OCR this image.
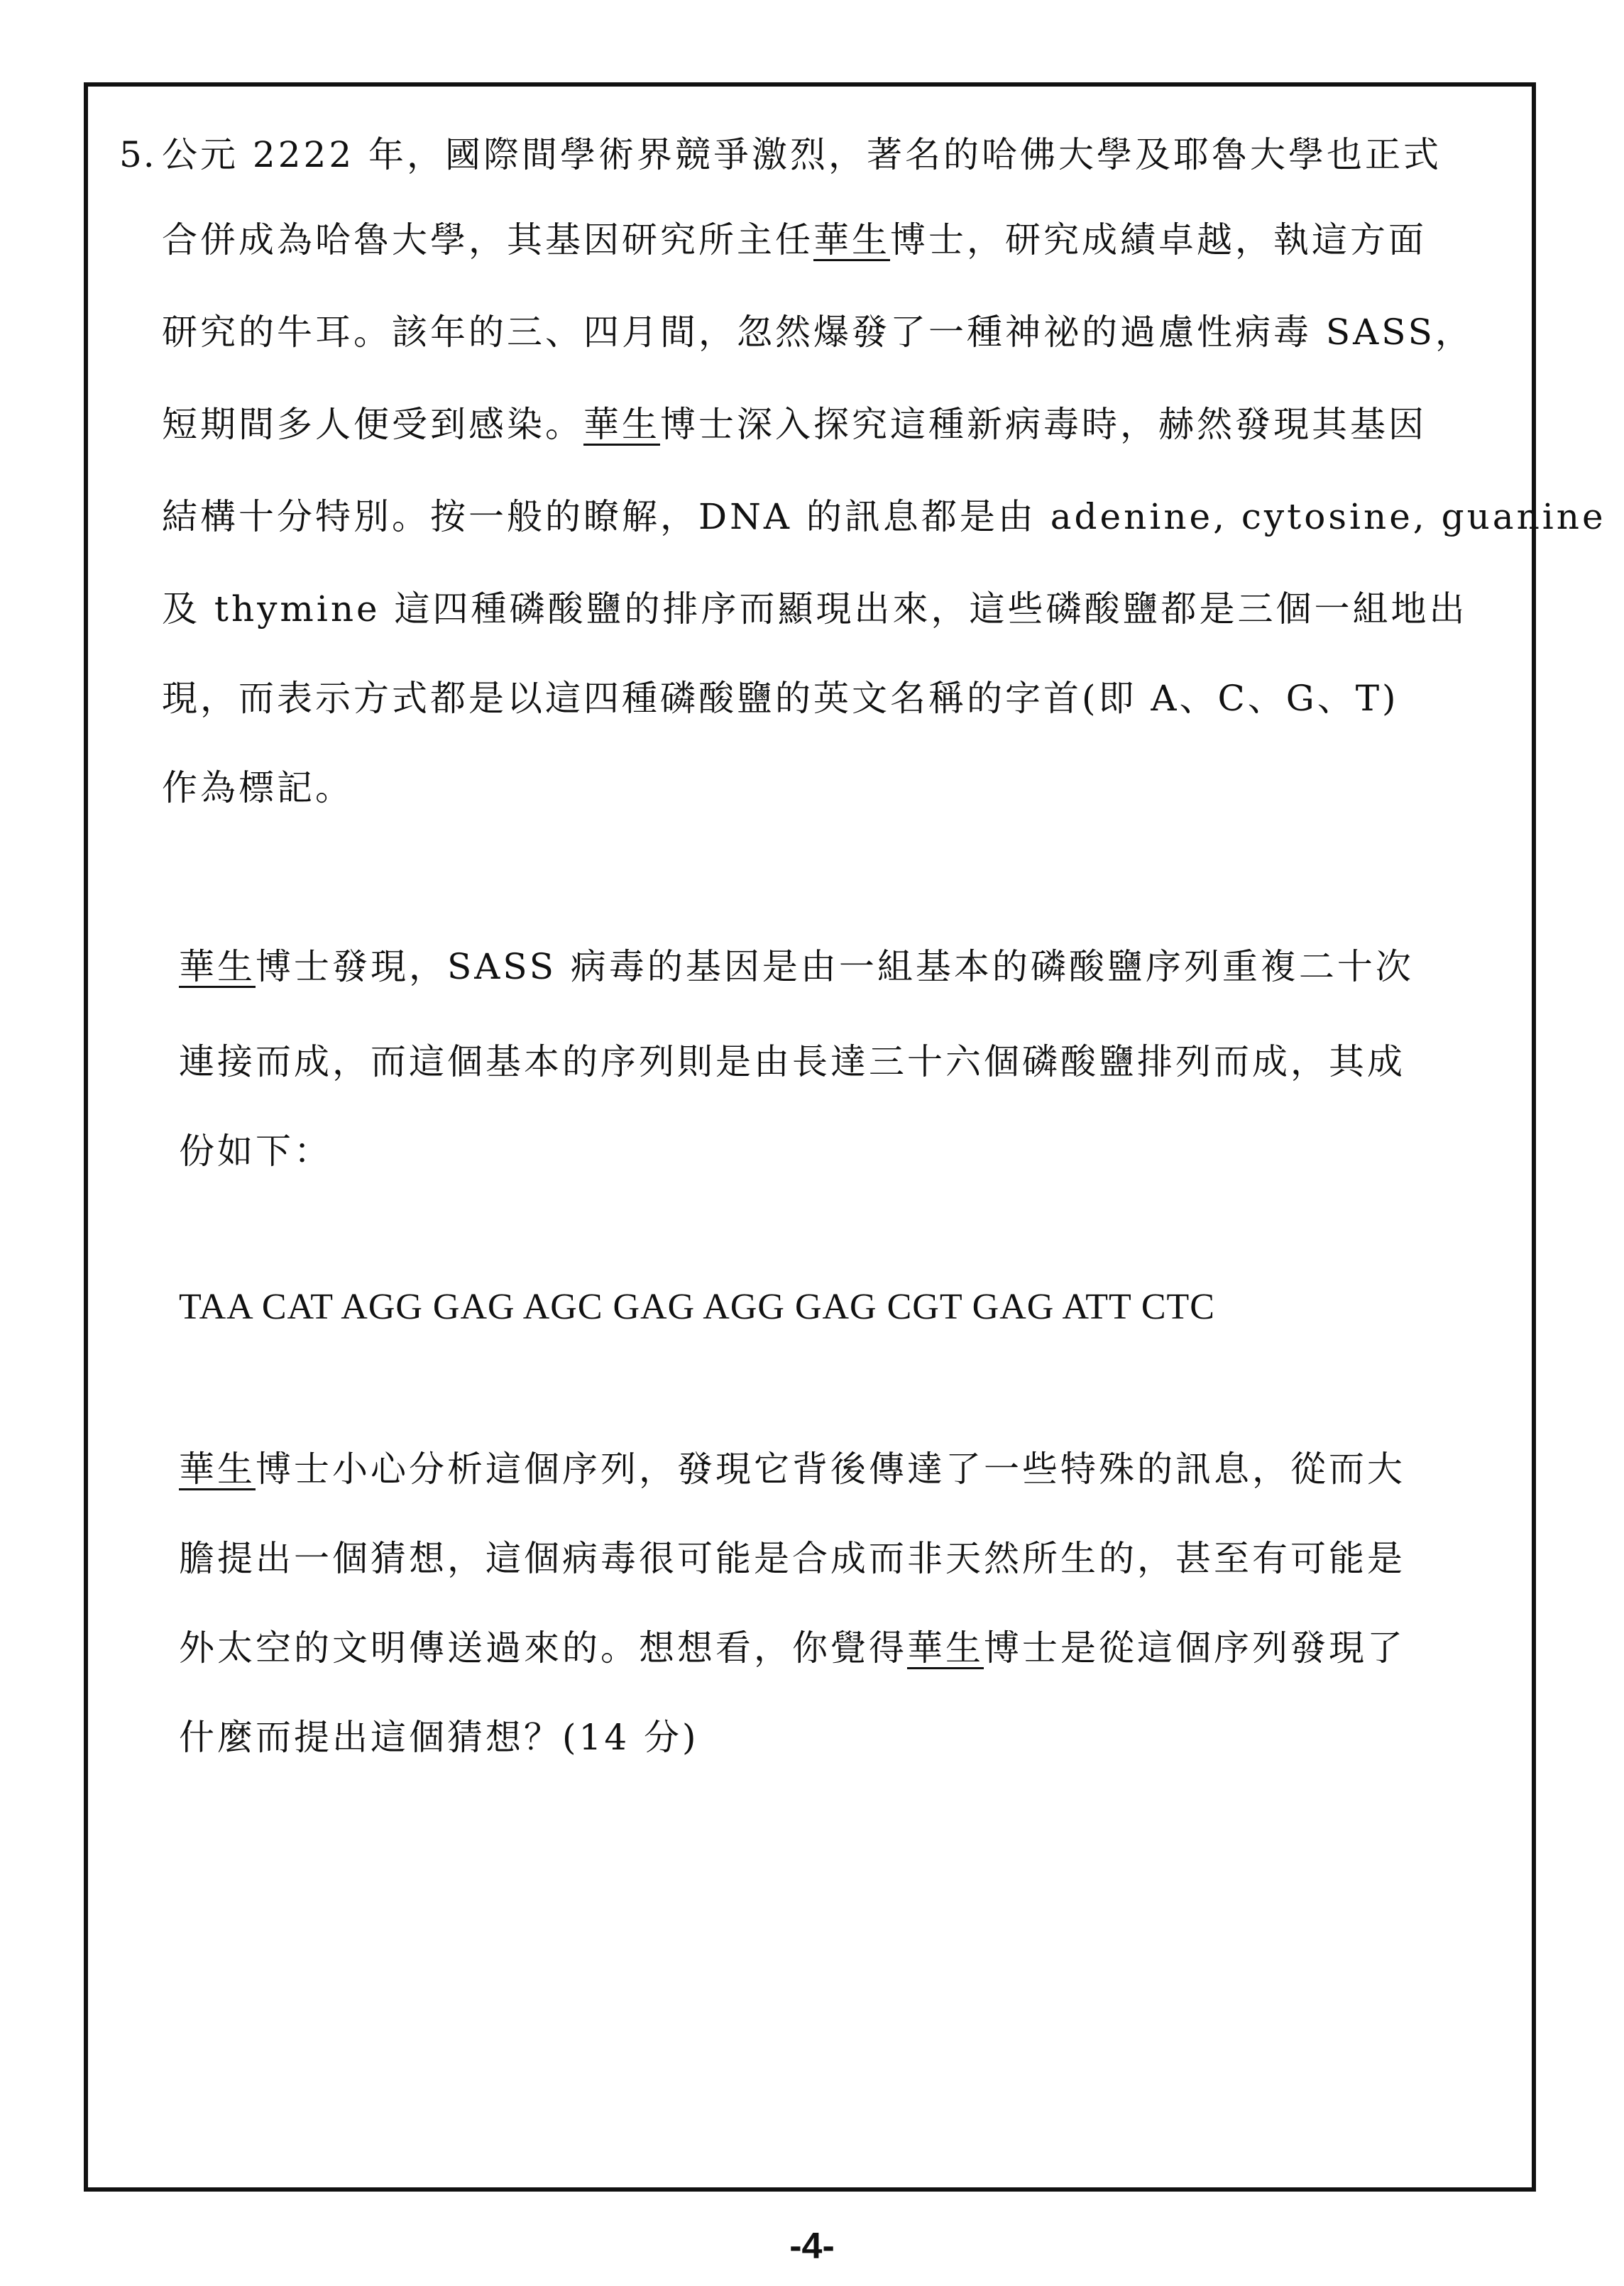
5. 公元 2222 年，國際間學術界競爭激烈，著名的哈佛大學及耶魯大學也正式
合併成為哈魯大學，其基因研究所主任華生博士，研究成績卓越，執這方面
研究的牛耳。該年的三、四月間，忽然爆發了一種神祕的過慮性病毒 SASS，
短期間多人便受到感染。華生博士深入探究這種新病毒時，赫然發現其基因
結構十分特別。按一般的瞭解，DNA 的訊息都是由 adenine, cytosine, guanine
及 thymine 這四種磷酸鹽的排序而顯現出來，這些磷酸鹽都是三個一組地出
現，而表示方式都是以這四種磷酸鹽的英文名稱的字首(即 A、C、G、T)
作為標記。
華生博士發現，SASS 病毒的基因是由一組基本的磷酸鹽序列重複二十次
連接而成，而這個基本的序列則是由長達三十六個磷酸鹽排列而成，其成
份如下：
TAA CAT AGG GAG AGC GAG AGG GAG CGT GAG ATT CTC
華生博士小心分析這個序列，發現它背後傳達了一些特殊的訊息，從而大
膽提出一個猜想，這個病毒很可能是合成而非天然所生的，甚至有可能是
外太空的文明傳送過來的。想想看，你覺得華生博士是從這個序列發現了
什麼而提出這個猜想？(14 分)
-4-
